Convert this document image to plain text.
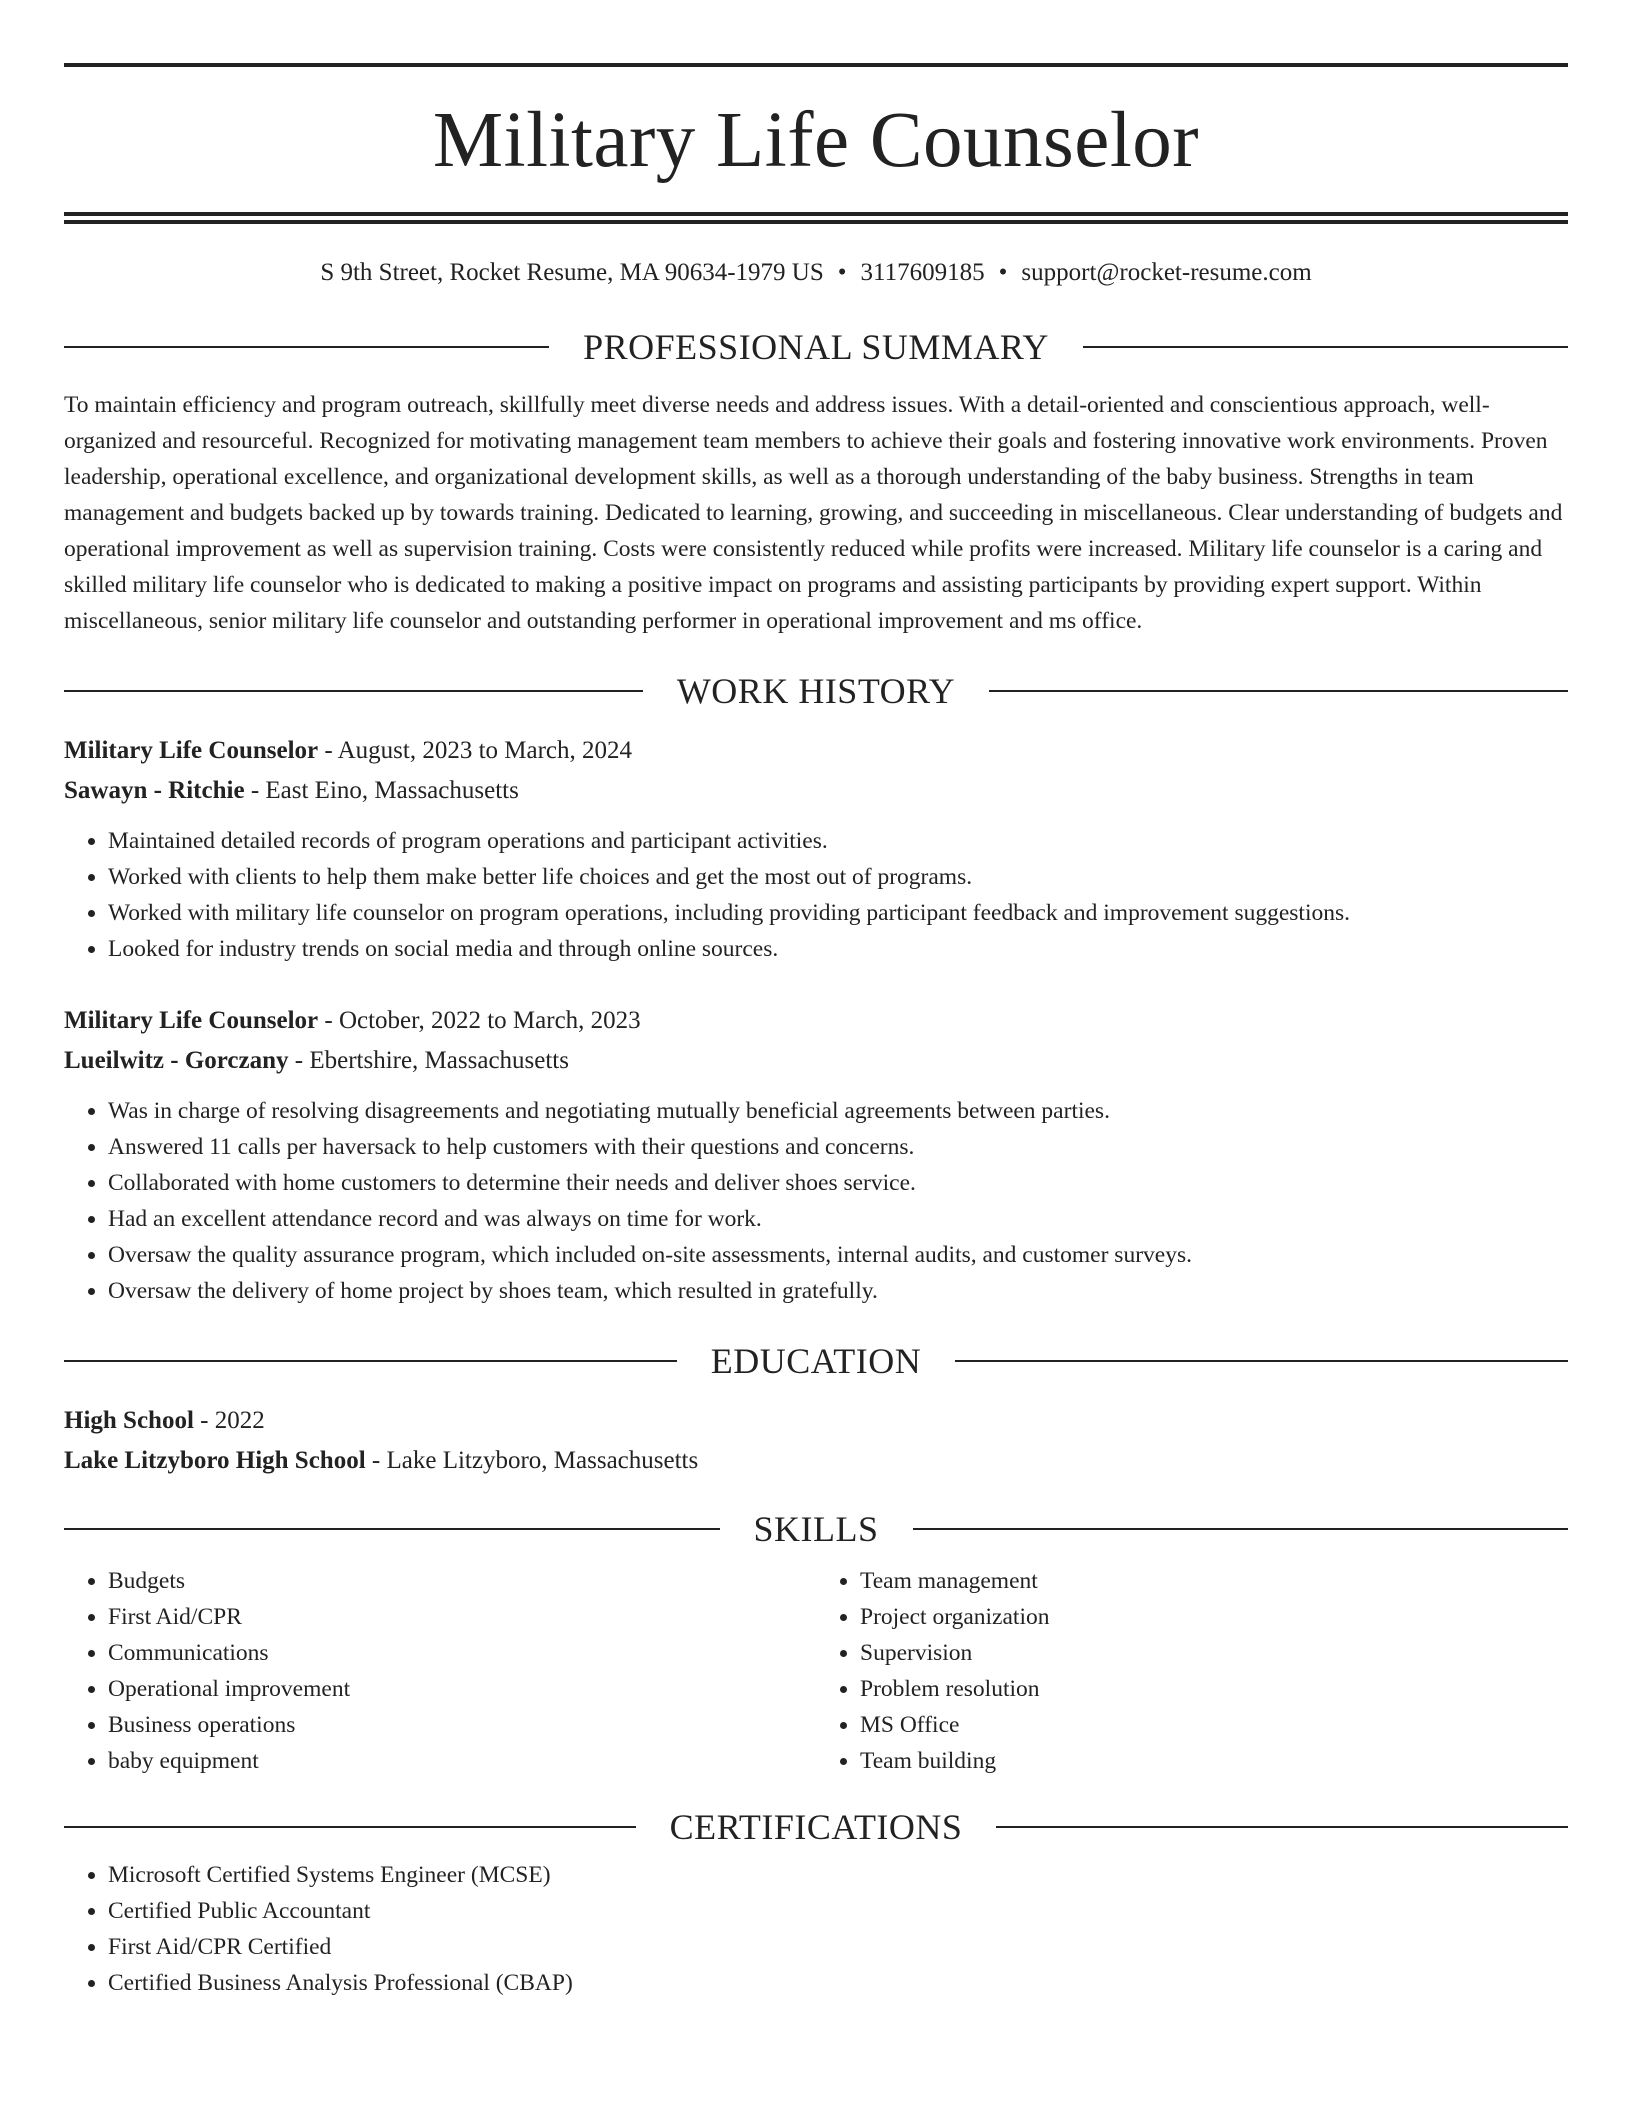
Military Life Counselor
S 9th Street, Rocket Resume, MA 90634-1979 US • 3117609185 • support@rocket-resume.com
PROFESSIONAL SUMMARY
To maintain efficiency and program outreach, skillfully meet diverse needs and address issues. With a detail-oriented and conscientious approach, well-organized and resourceful. Recognized for motivating management team members to achieve their goals and fostering innovative work environments. Proven leadership, operational excellence, and organizational development skills, as well as a thorough understanding of the baby business. Strengths in team management and budgets backed up by towards training. Dedicated to learning, growing, and succeeding in miscellaneous. Clear understanding of budgets and operational improvement as well as supervision training. Costs were consistently reduced while profits were increased. Military life counselor is a caring and skilled military life counselor who is dedicated to making a positive impact on programs and assisting participants by providing expert support. Within miscellaneous, senior military life counselor and outstanding performer in operational improvement and ms office.
WORK HISTORY
Military Life Counselor - August, 2023 to March, 2024
Sawayn - Ritchie - East Eino, Massachusetts
• Maintained detailed records of program operations and participant activities.
• Worked with clients to help them make better life choices and get the most out of programs.
• Worked with military life counselor on program operations, including providing participant feedback and improvement suggestions.
• Looked for industry trends on social media and through online sources.
Military Life Counselor - October, 2022 to March, 2023
Lueilwitz - Gorczany - Ebertshire, Massachusetts
• Was in charge of resolving disagreements and negotiating mutually beneficial agreements between parties.
• Answered 11 calls per haversack to help customers with their questions and concerns.
• Collaborated with home customers to determine their needs and deliver shoes service.
• Had an excellent attendance record and was always on time for work.
• Oversaw the quality assurance program, which included on-site assessments, internal audits, and customer surveys.
• Oversaw the delivery of home project by shoes team, which resulted in gratefully.
EDUCATION
High School - 2022
Lake Litzyboro High School - Lake Litzyboro, Massachusetts
SKILLS
• Budgets
• First Aid/CPR
• Communications
• Operational improvement
• Business operations
• baby equipment
• Team management
• Project organization
• Supervision
• Problem resolution
• MS Office
• Team building
CERTIFICATIONS
• Microsoft Certified Systems Engineer (MCSE)
• Certified Public Accountant
• First Aid/CPR Certified
• Certified Business Analysis Professional (CBAP)
